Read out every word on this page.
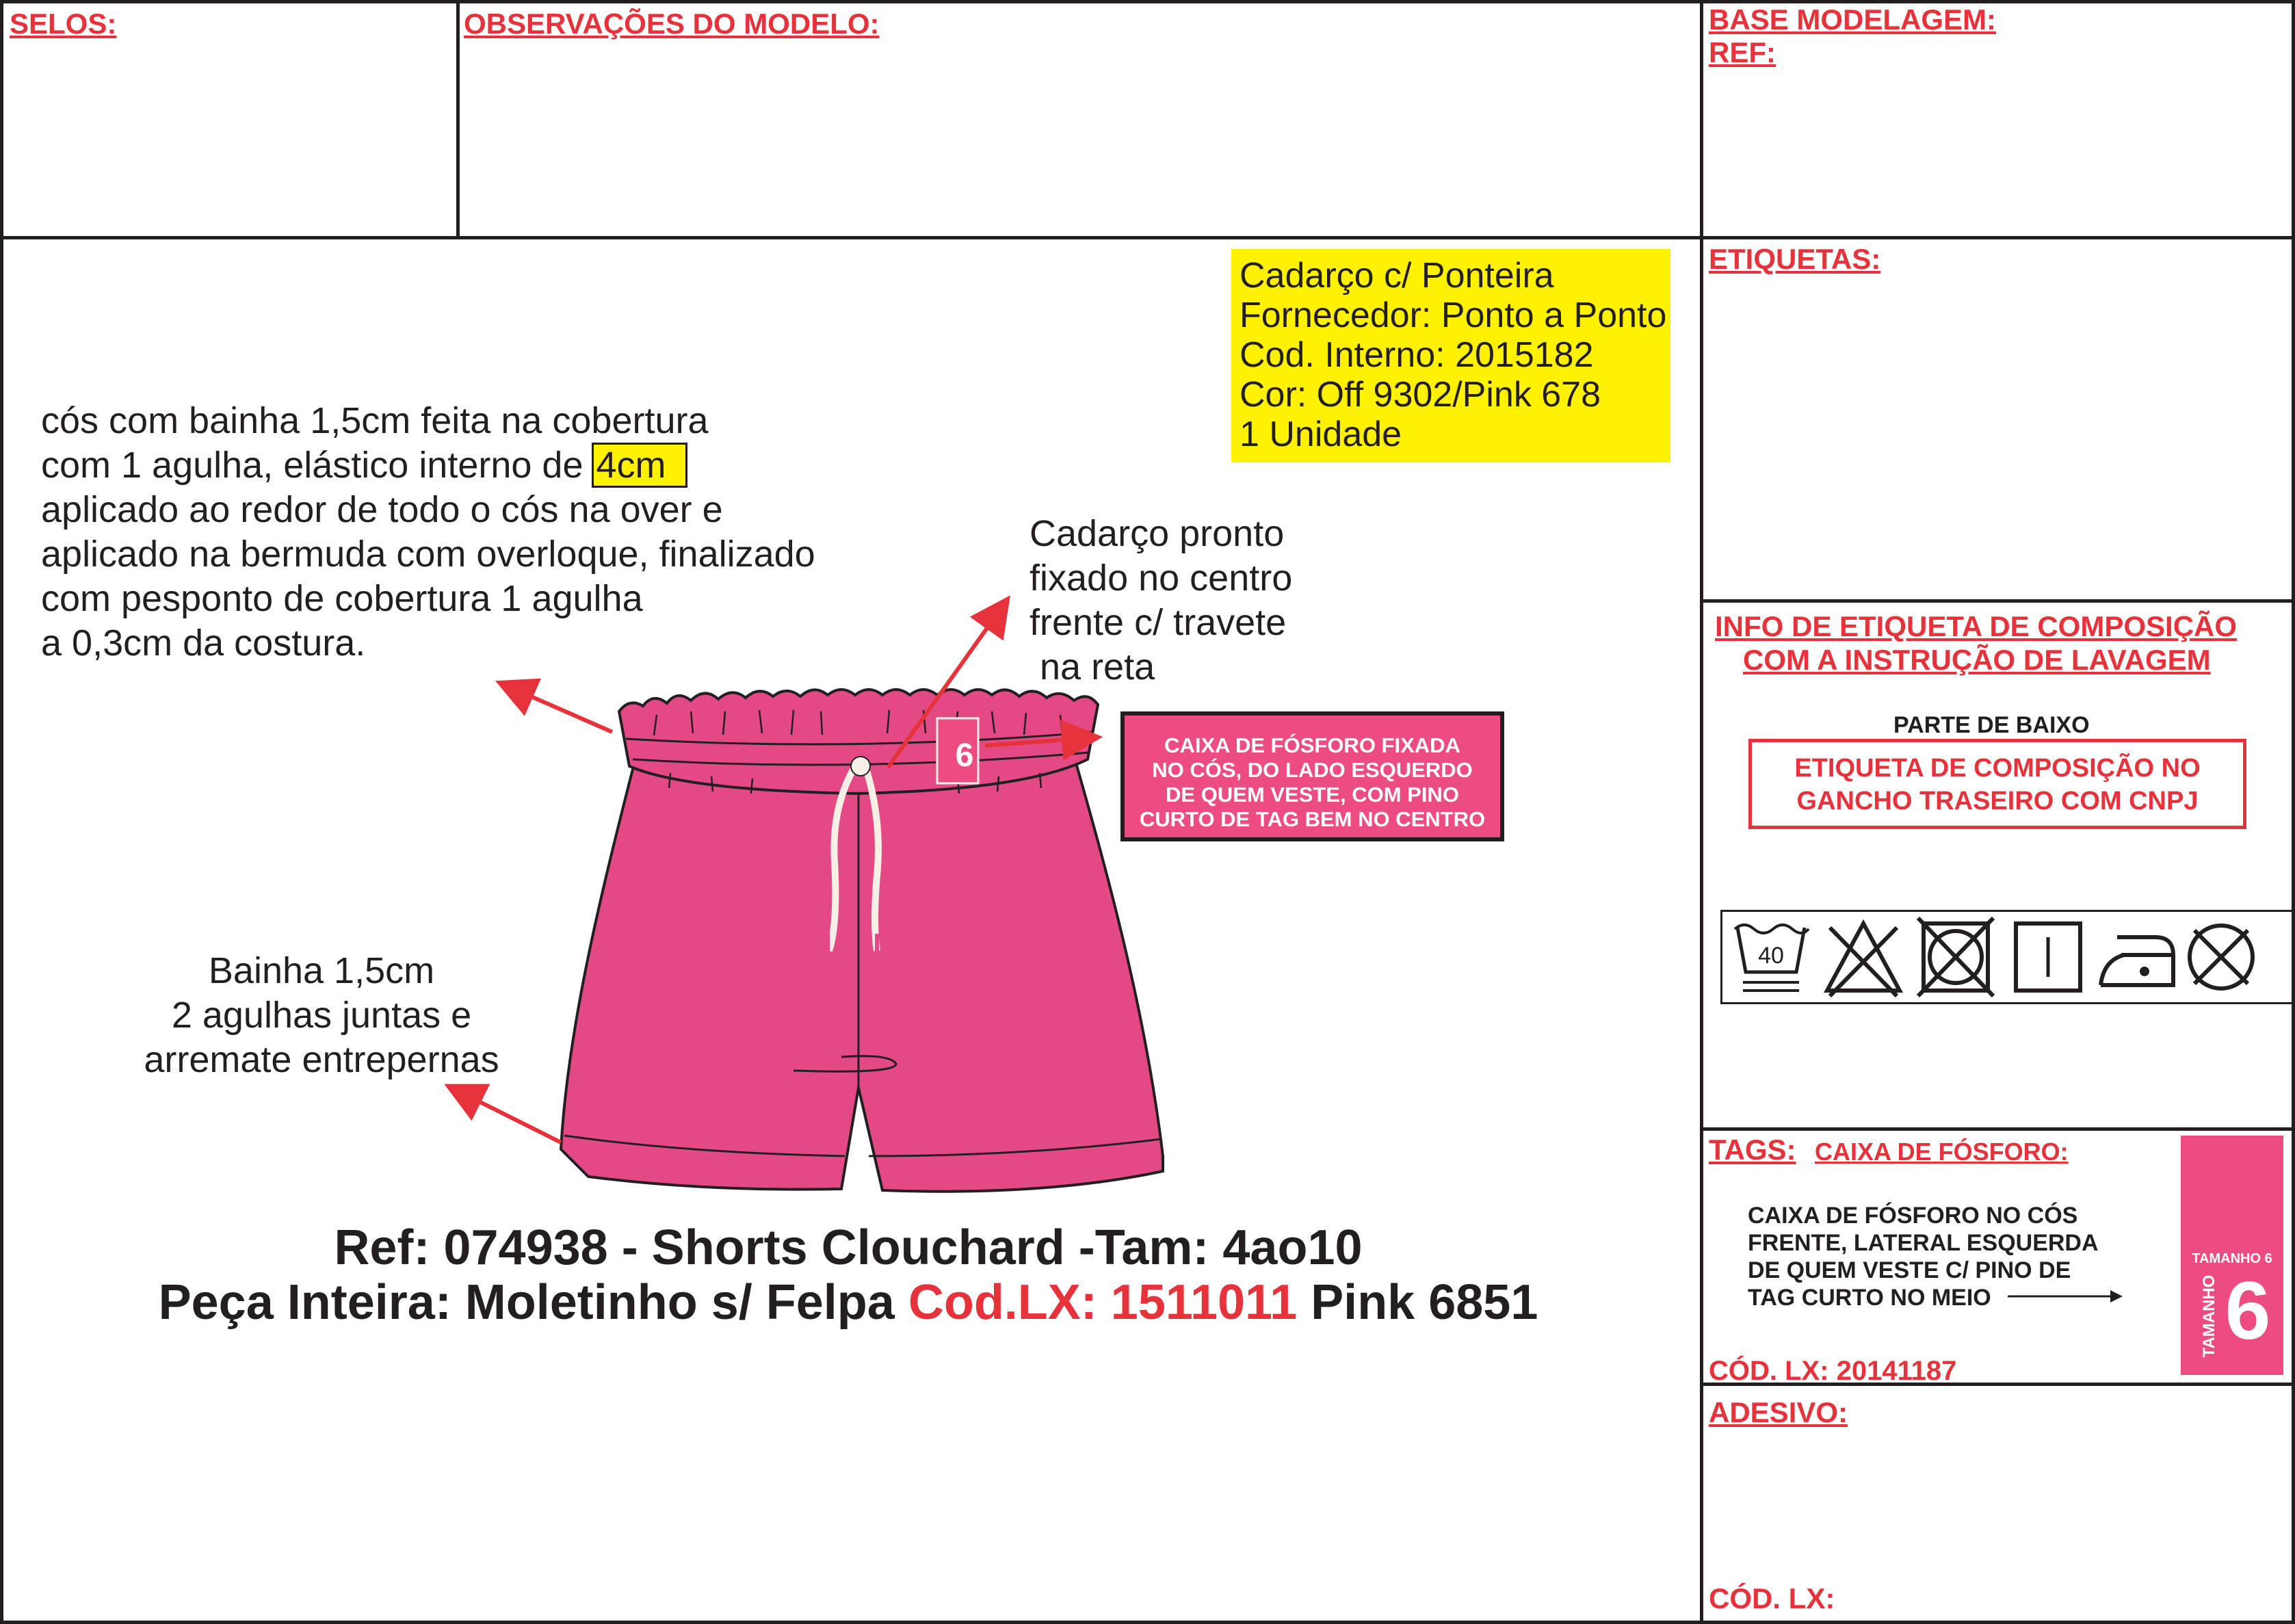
SELOS:	OBSERVAÇÕES DO MODELO:	BASE MODELAGEM:
REF:
Cadarço c/ Ponteira
Fornecedor: Ponto a Ponto
Cod. Interno: 2015182
Cor: Off 9302/Pink 678
1 Unidade
cós com bainha 1,5cm feita na cobertura
com 1 agulha, elástico interno de 4cm
aplicado ao redor de todo o cós na over e
aplicado na bermuda com overloque, finalizado
com pesponto de cobertura 1 agulha
a 0,3cm da costura.
Cadarço pronto
fixado no centro
frente c/ travete
na reta
Bainha 1,5cm
2 agulhas juntas e
arremate entrepernas
CAIXA DE FÓSFORO FIXADA
NO CÓS, DO LADO ESQUERDO
DE QUEM VESTE, COM PINO
CURTO DE TAG BEM NO CENTRO
6
Ref: 074938 - Shorts Clouchard -Tam: 4ao10
Peça Inteira: Moletinho s/ Felpa Cod.LX: 1511011 Pink 6851
ETIQUETAS:
INFO DE ETIQUETA DE COMPOSIÇÃO
COM A INSTRUÇÃO DE LAVAGEM
PARTE DE BAIXO
ETIQUETA DE COMPOSIÇÃO NO
GANCHO TRASEIRO COM CNPJ
40
TAGS: CAIXA DE FÓSFORO:
CAIXA DE FÓSFORO NO CÓS
FRENTE, LATERAL ESQUERDA
DE QUEM VESTE C/ PINO DE
TAG CURTO NO MEIO
CÓD. LX: 20141187
TAMANHO 6
TAMANHO 6
ADESIVO:
CÓD. LX:
